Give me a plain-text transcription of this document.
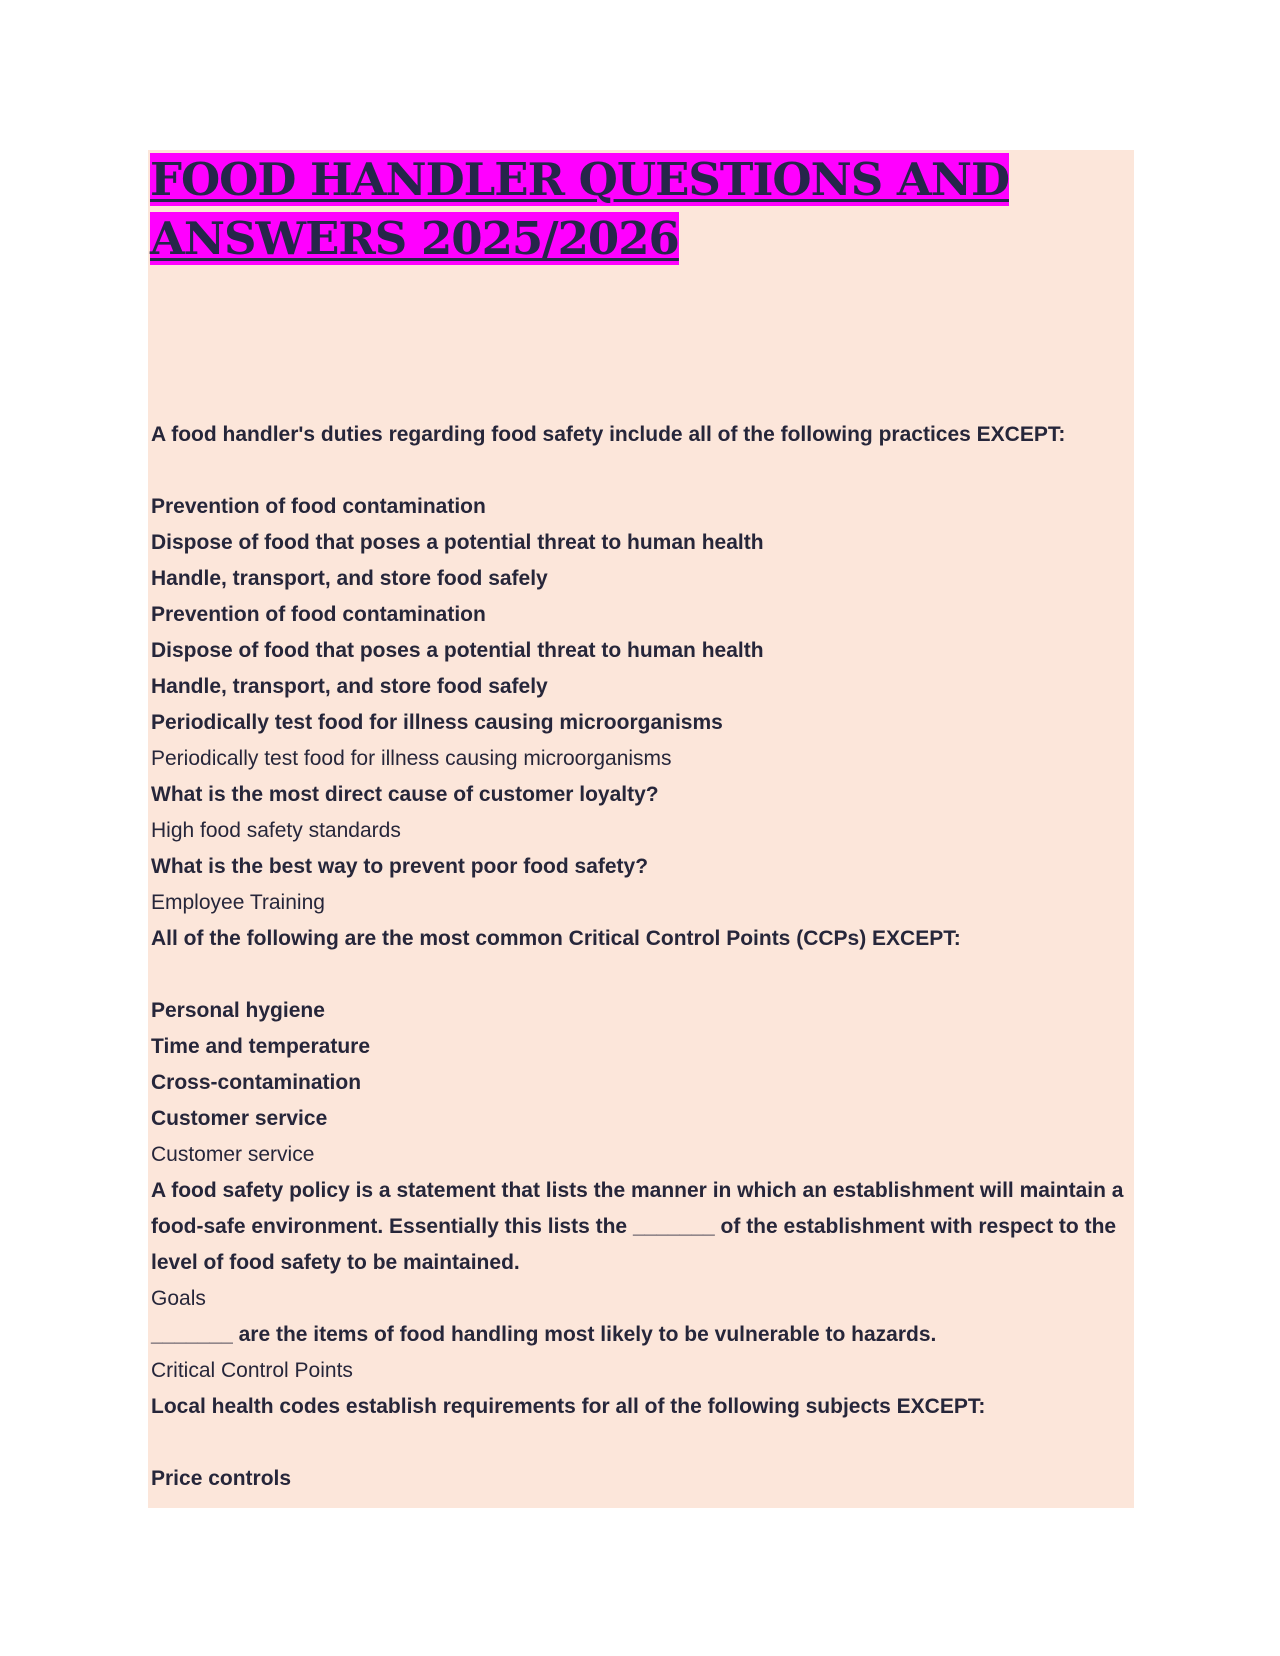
FOOD HANDLER QUESTIONS AND
ANSWERS 2025/2026

A food handler's duties regarding food safety include all of the following practices EXCEPT:

Prevention of food contamination

Dispose of food that poses a potential threat to human health

Handle, transport, and store food safely

Prevention of food contamination

Dispose of food that poses a potential threat to human health

Handle, transport, and store food safely

Periodically test food for illness causing microorganisms

Periodically test food for illness causing microorganisms

What is the most direct cause of customer loyalty?

High food safety standards

What is the best way to prevent poor food safety?

Employee Training

All of the following are the most common Critical Control Points (CCPs) EXCEPT:

Personal hygiene

Time and temperature

Cross-contamination

Customer service

Customer service

A food safety policy is a statement that lists the manner in which an establishment will maintain a food-safe environment. Essentially this lists the _______ of the establishment with respect to the level of food safety to be maintained.

Goals

_______ are the items of food handling most likely to be vulnerable to hazards.

Critical Control Points

Local health codes establish requirements for all of the following subjects EXCEPT:

Price controls
